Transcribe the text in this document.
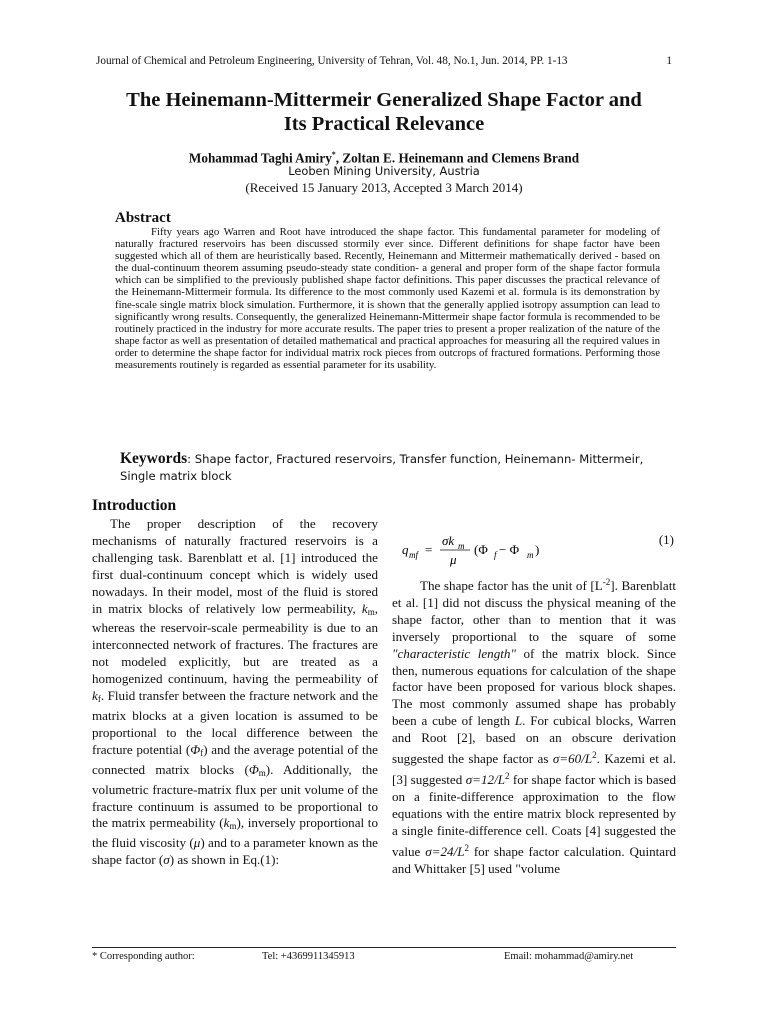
Journal of Chemical and Petroleum Engineering, University of Tehran, Vol. 48, No.1, Jun. 2014, PP. 1-13	1
The Heinemann-Mittermeir Generalized Shape Factor and
Its Practical Relevance
Mohammad Taghi Amiry*, Zoltan E. Heinemann and Clemens Brand
Leoben Mining University, Austria
(Received 15 January 2013, Accepted 3 March 2014)
Abstract
Fifty years ago Warren and Root have introduced the shape factor. This fundamental parameter for modeling of naturally fractured reservoirs has been discussed stormily ever since. Different definitions for shape factor have been suggested which all of them are heuristically based. Recently, Heinemann and Mittermeir mathematically derived - based on the dual-continuum theorem assuming pseudo-steady state condition- a general and proper form of the shape factor formula which can be simplified to the previously published shape factor definitions. This paper discusses the practical relevance of the Heinemann-Mittermeir formula. Its difference to the most commonly used Kazemi et al. formula is its demonstration by fine-scale single matrix block simulation. Furthermore, it is shown that the generally applied isotropy assumption can lead to significantly wrong results. Consequently, the generalized Heinemann-Mittermeir shape factor formula is recommended to be routinely practiced in the industry for more accurate results. The paper tries to present a proper realization of the nature of the shape factor as well as presentation of detailed mathematical and practical approaches for measuring all the required values in order to determine the shape factor for individual matrix rock pieces from outcrops of fractured formations. Performing those measurements routinely is regarded as essential parameter for its usability.
Keywords: Shape factor, Fractured reservoirs, Transfer function, Heinemann- Mittermeir, Single matrix block
Introduction
The proper description of the recovery mechanisms of naturally fractured reservoirs is a challenging task. Barenblatt et al. [1] introduced the first dual-continuum concept which is widely used nowadays. In their model, most of the fluid is stored in matrix blocks of relatively low permeability, $k_m$, whereas the reservoir-scale permeability is due to an interconnected network of fractures. The fractures are not modeled explicitly, but are treated as a homogenized continuum, having the permeability of $k_f$. Fluid transfer between the fracture network and the matrix blocks at a given location is assumed to be proportional to the local difference between the fracture potential $(\Phi_f)$ and the average potential of the connected matrix blocks $(\Phi_m)$. Additionally, the volumetric fracture-matrix flux per unit volume of the fracture continuum is assumed to be proportional to the matrix permeability $(k_m)$, inversely proportional to the fluid viscosity (μ) and to a parameter known as the shape factor (σ) as shown in Eq.(1):
q mf =
σk m
μ
(Φ f − Φ m )
(1)
The shape factor has the unit of $[L^{-2}]$. Barenblatt et al. [1] did not discuss the physical meaning of the shape factor, other than to mention that it was inversely proportional to the square of some "characteristic length" of the matrix block. Since then, numerous equations for calculation of the shape factor have been proposed for various block shapes. The most commonly assumed shape has probably been a cube of length L. For cubical blocks, Warren and Root [2], based on an obscure derivation suggested the shape factor as $\sigma=60/L^2$. Kazemi et al. [3] suggested $\sigma=12/L^2$ for shape factor which is based on a finite-difference approximation to the flow equations with the entire matrix block represented by a single finite-difference cell. Coats [4] suggested the value $\sigma=24/L^2$ for shape factor calculation. Quintard and Whittaker [5] used "volume
* Corresponding author:	Tel: +4369911345913	Email: mohammad@amiry.net
